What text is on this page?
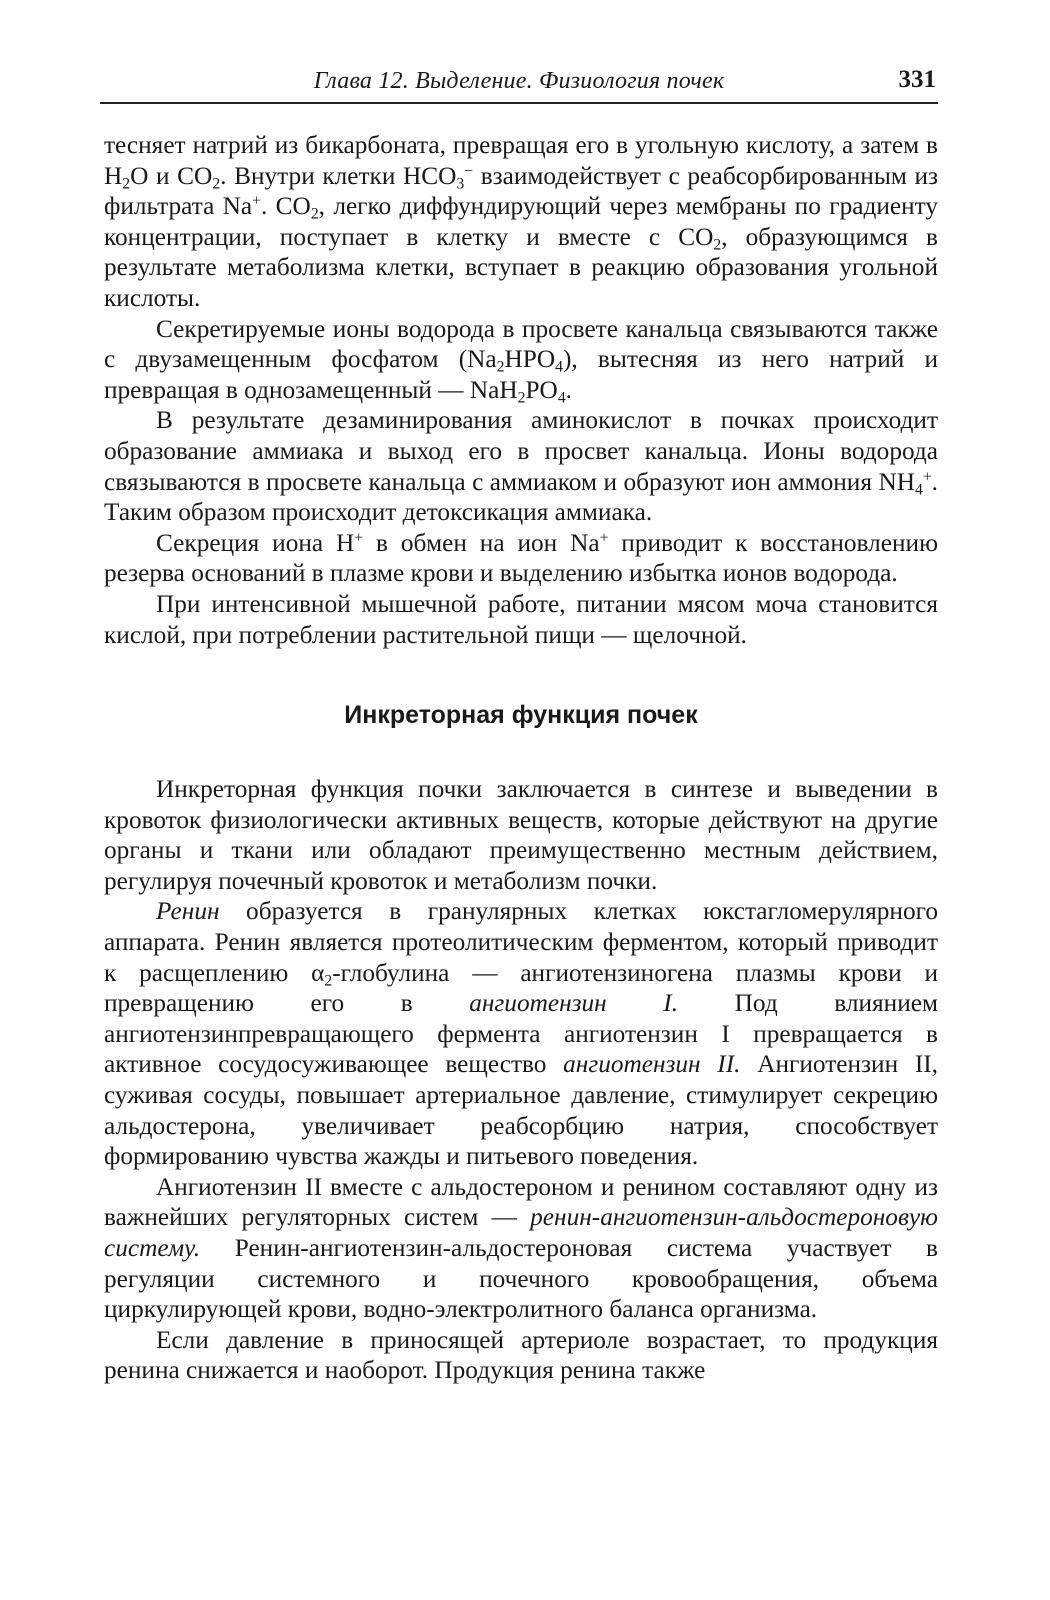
Глава 12. Выделение. Физиология почек	331

тесняет натрий из бикарбоната, превращая его в угольную кислоту, а затем в $H_2O$ и $CO_2$. Внутри клетки $HCO_3^-$ взаимодействует с реабсорбированным из фильтрата Na+. $CO_2$, легко диффундирующий через мембраны по градиенту концентрации, поступает в клетку и вместе с $CO_2$, образующимся в результате метаболизма клетки, вступает в реакцию образования угольной кислоты.

Секретируемые ионы водорода в просвете канальца связываются также с двузамещенным фосфатом $(Na_2HPO_4)$, вытесняя из него натрий и превращая в однозамещенный — $NaH_2PO_4$.

В результате дезаминирования аминокислот в почках происходит образование аммиака и выход его в просвет канальца. Ионы водорода связываются в просвете канальца с аммиаком и образуют ион аммония $NH_4^+$. Таким образом происходит детоксикация аммиака.

Секреция иона H+ в обмен на ион Na+ приводит к восстановлению резерва оснований в плазме крови и выделению избытка ионов водорода.

При интенсивной мышечной работе, питании мясом моча становится кислой, при потреблении растительной пищи — щелочной.

Инкреторная функция почек

Инкреторная функция почки заключается в синтезе и выведении в кровоток физиологически активных веществ, которые действуют на другие органы и ткани или обладают преимущественно местным действием, регулируя почечный кровоток и метаболизм почки.

Ренин образуется в гранулярных клетках юкстагломерулярного аппарата. Ренин является протеолитическим ферментом, который приводит к расщеплению $\alpha_2$-глобулина — ангиотензиногена плазмы крови и превращению его в ангиотензин I. Под влиянием ангиотензинпревращающего фермента ангиотензин I превращается в активное сосудосуживающее вещество ангиотензин II. Ангиотензин II, суживая сосуды, повышает артериальное давление, стимулирует секрецию альдостерона, увеличивает реабсорбцию натрия, способствует формированию чувства жажды и питьевого поведения.

Ангиотензин II вместе с альдостероном и ренином составляют одну из важнейших регуляторных систем — ренин-ангиотензин-альдостероновую систему. Ренин-ангиотензин-альдостероновая система участвует в регуляции системного и почечного кровообращения, объема циркулирующей крови, водно-электролитного баланса организма.

Если давление в приносящей артериоле возрастает, то продукция ренина снижается и наоборот. Продукция ренина также
